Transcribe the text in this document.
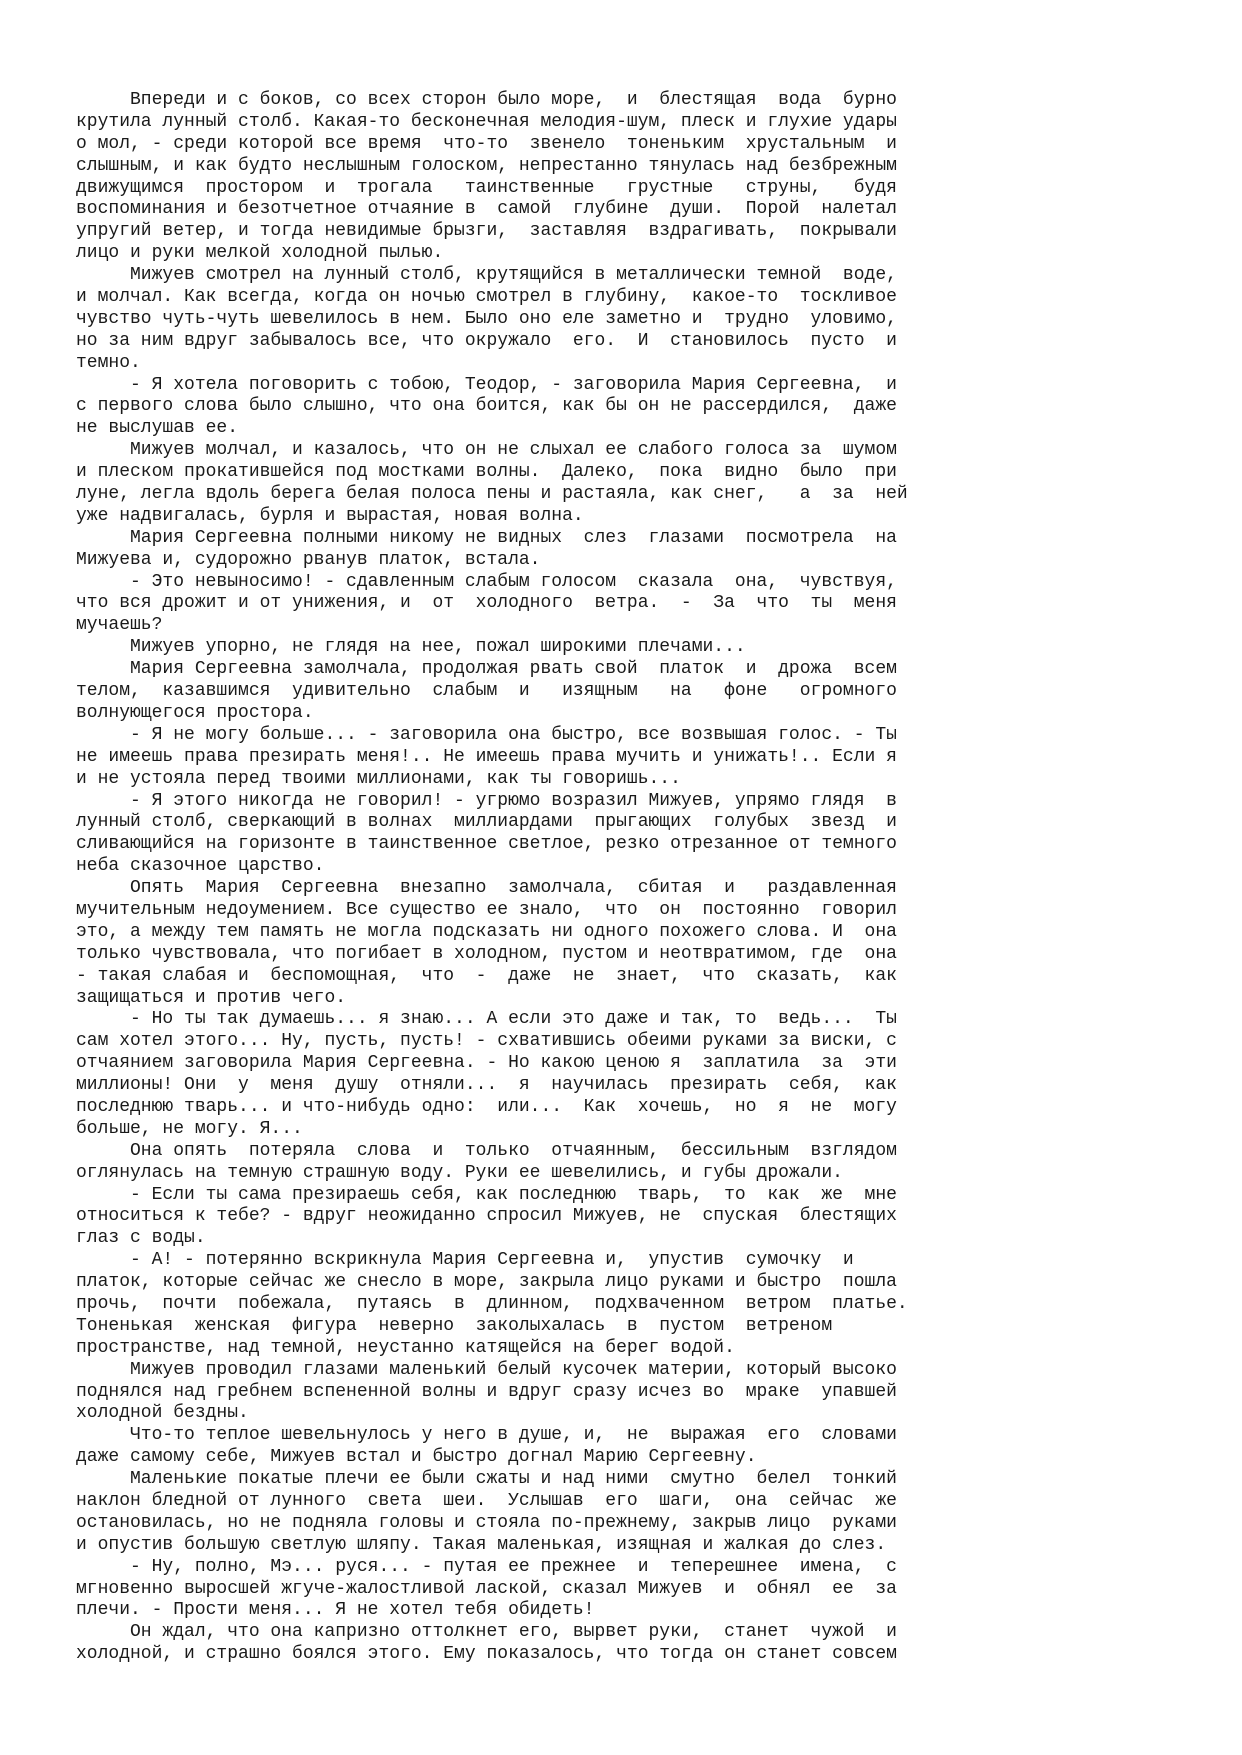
Впереди и с боков, со всех сторон было море,  и  блестящая  вода  бурно

крутила лунный столб. Какая-то бесконечная мелодия-шум, плеск и глухие удары

о мол, - среди которой все время  что-то  звенело  тоненьким  хрустальным  и

слышным, и как будто неслышным голоском, непрестанно тянулась над безбрежным

движущимся  простором  и  трогала   таинственные   грустные   струны,   будя

воспоминания и безотчетное отчаяние в  самой  глубине  души.  Порой  налетал

упругий ветер, и тогда невидимые брызги,  заставляя  вздрагивать,  покрывали

лицо и руки мелкой холодной пылью.

Мижуев смотрел на лунный столб, крутящийся в металлически темной  воде,

и молчал. Как всегда, когда он ночью смотрел в глубину,  какое-то  тоскливое

чувство чуть-чуть шевелилось в нем. Было оно еле заметно и  трудно  уловимо,

но за ним вдруг забывалось все, что окружало  его.  И  становилось  пусто  и

темно.

- Я хотела поговорить с тобою, Теодор, - заговорила Мария Сергеевна,  и

с первого слова было слышно, что она боится, как бы он не рассердился,  даже

не выслушав ее.

Мижуев молчал, и казалось, что он не слыхал ее слабого голоса за  шумом

и плеском прокатившейся под мостками волны.  Далеко,  пока  видно  было  при

луне, легла вдоль берега белая полоса пены и растаяла, как снег,   а  за  ней

уже надвигалась, бурля и вырастая, новая волна.

Мария Сергеевна полными никому не видных  слез  глазами  посмотрела  на

Мижуева и, судорожно рванув платок, встала.

- Это невыносимо! - сдавленным слабым голосом  сказала  она,  чувствуя,

что вся дрожит и от унижения, и  от  холодного  ветра.  -  За  что  ты  меня

мучаешь?

Мижуев упорно, не глядя на нее, пожал широкими плечами...

Мария Сергеевна замолчала, продолжая рвать свой  платок  и  дрожа  всем

телом,  казавшимся  удивительно  слабым  и   изящным   на   фоне   огромного

волнующегося простора.

- Я не могу больше... - заговорила она быстро, все возвышая голос. - Ты

не имеешь права презирать меня!.. Не имеешь права мучить и унижать!.. Если я

и не устояла перед твоими миллионами, как ты говоришь...

- Я этого никогда не говорил! - угрюмо возразил Мижуев, упрямо глядя  в

лунный столб, сверкающий в волнах  миллиардами  прыгающих  голубых  звезд  и

сливающийся на горизонте в таинственное светлое, резко отрезанное от темного

неба сказочное царство.

Опять  Мария  Сергеевна  внезапно  замолчала,  сбитая  и   раздавленная

мучительным недоумением. Все существо ее знало,  что  он  постоянно  говорил

это, а между тем память не могла подсказать ни одного похожего слова. И  она

только чувствовала, что погибает в холодном, пустом и неотвратимом, где  она

- такая слабая и  беспомощная,  что  -  даже  не  знает,  что  сказать,  как

защищаться и против чего.

- Но ты так думаешь... я знаю... А если это даже и так, то  ведь...  Ты

сам хотел этого... Ну, пусть, пусть! - схватившись обеими руками за виски, с

отчаянием заговорила Мария Сергеевна. - Но какою ценою я  заплатила  за  эти

миллионы! Они  у  меня  душу  отняли...  я  научилась  презирать  себя,  как

последнюю тварь... и что-нибудь одно:  или...  Как  хочешь,  но  я  не  могу

больше, не могу. Я...

Она опять  потеряла  слова  и  только  отчаянным,  бессильным  взглядом

оглянулась на темную страшную воду. Руки ее шевелились, и губы дрожали.

- Если ты сама презираешь себя, как последнюю  тварь,  то  как  же  мне

относиться к тебе? - вдруг неожиданно спросил Мижуев, не  спуская  блестящих

глаз с воды.

- А! - потерянно вскрикнула Мария Сергеевна и,  упустив  сумочку  и

платок, которые сейчас же снесло в море, закрыла лицо руками и быстро  пошла

прочь,  почти  побежала,  путаясь  в  длинном,  подхваченном  ветром  платье.

Тоненькая  женская  фигура  неверно  заколыхалась  в  пустом  ветреном

пространстве, над темной, неустанно катящейся на берег водой.

Мижуев проводил глазами маленький белый кусочек материи, который высоко

поднялся над гребнем вспененной волны и вдруг сразу исчез во  мраке  упавшей

холодной бездны.

Что-то теплое шевельнулось у него в душе, и,  не  выражая  его  словами

даже самому себе, Мижуев встал и быстро догнал Марию Сергеевну.

Маленькие покатые плечи ее были сжаты и над ними  смутно  белел  тонкий

наклон бледной от лунного  света  шеи.  Услышав  его  шаги,  она  сейчас  же

остановилась, но не подняла головы и стояла по-прежнему, закрыв лицо  руками

и опустив большую светлую шляпу. Такая маленькая, изящная и жалкая до слез.

- Ну, полно, Мэ... руся... - путая ее прежнее  и  теперешнее  имена,  с

мгновенно выросшей жгуче-жалостливой лаской, сказал Мижуев  и  обнял  ее  за

плечи. - Прости меня... Я не хотел тебя обидеть!

Он ждал, что она капризно оттолкнет его, вырвет руки,  станет  чужой  и

холодной, и страшно боялся этого. Ему показалось, что тогда он станет совсем
